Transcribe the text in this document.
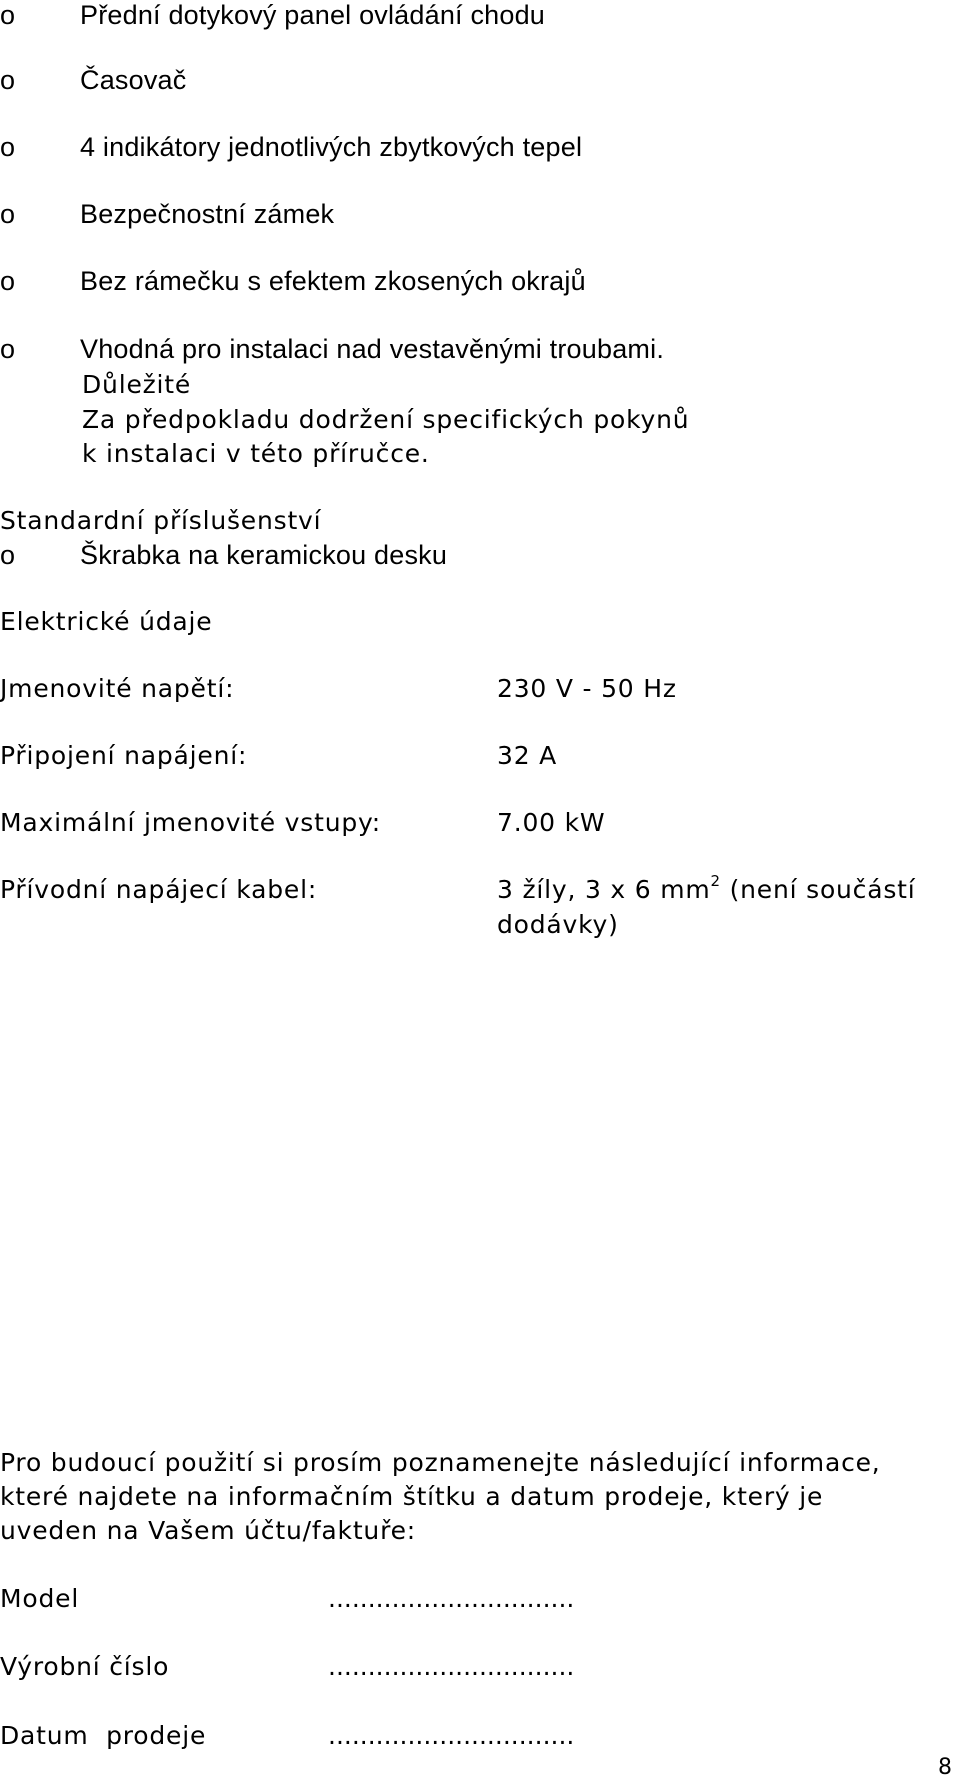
o Přední dotykový panel ovládání chodu
o Časovač
o 4 indikátory jednotlivých zbytkových tepel
o Bezpečnostní zámek
o Bez rámečku s efektem zkosených okrajů
o Vhodná pro instalaci nad vestavěnými troubami.
Důležité
Za předpokladu dodržení specifických pokynů
k instalaci v této příručce.
Standardní příslušenství
o Škrabka na keramickou desku
Elektrické údaje
Jmenovité napětí:	230 V - 50 Hz
Připojení napájení:	32 A
Maximální jmenovité vstupy:	7.00 kW
Přívodní napájecí kabel:	3 žíly, 3 x 6 $mm^2$ (není součástí
dodávky)
Pro budoucí použití si prosím poznamenejte následující informace,
které najdete na informačním štítku a datum prodeje, který je
uveden na Vašem účtu/faktuře:
Model	...............................
Výrobní číslo	...............................
Datum  prodeje	...............................
8
